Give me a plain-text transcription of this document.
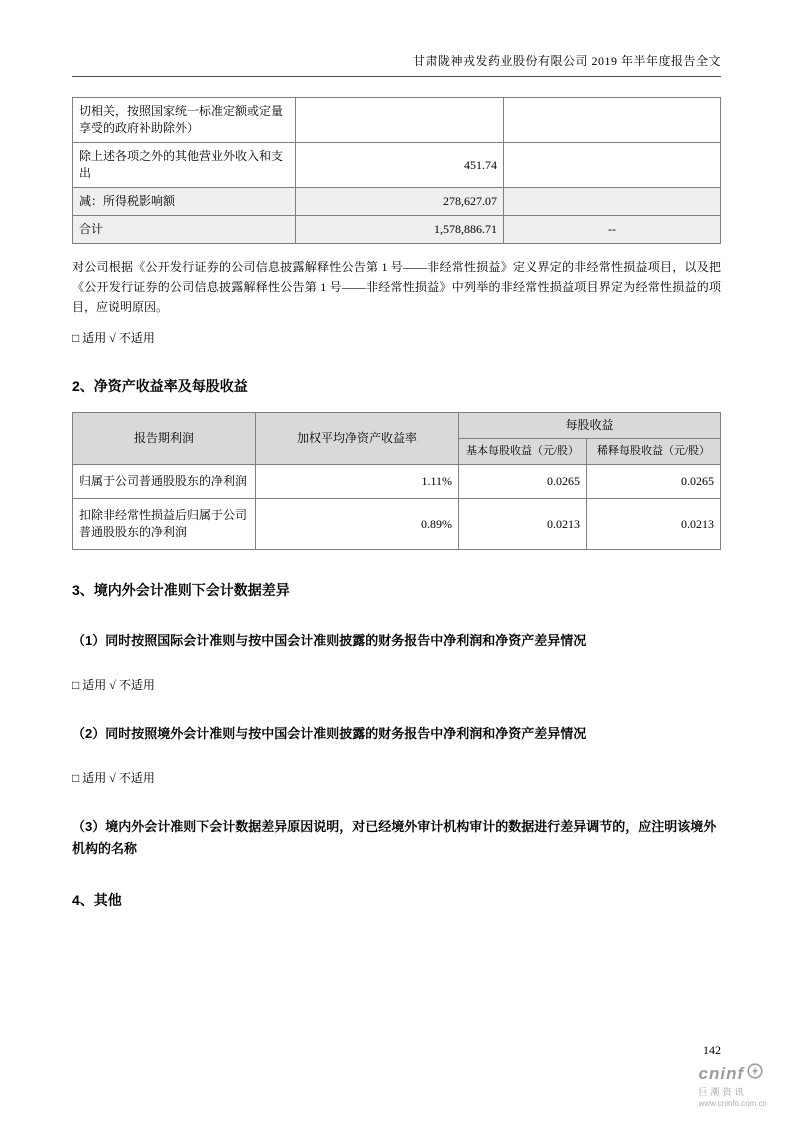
甘肃陇神戎发药业股份有限公司 2019 年半年度报告全文
切相关，按照国家统一标准定额或定量享受的政府补助除外）		
除上述各项之外的其他营业外收入和支出	451.74	
减：所得税影响额	278,627.07	
合计	1,578,886.71	--

对公司根据《公开发行证券的公司信息披露解释性公告第 1 号——非经常性损益》定义界定的非经常性损益项目，以及把《公开发行证券的公司信息披露解释性公告第 1 号——非经常性损益》中列举的非经常性损益项目界定为经常性损益的项目，应说明原因。

□ 适用 √ 不适用
2、净资产收益率及每股收益
报告期利润	加权平均净资产收益率	每股收益	
		基本每股收益（元/股）	稀释每股收益（元/股）
归属于公司普通股股东的净利润	1.11%	0.0265	0.0265
扣除非经常性损益后归属于公司普通股股东的净利润	0.89%	0.0213	0.0213
3、境内外会计准则下会计数据差异
（1）同时按照国际会计准则与按中国会计准则披露的财务报告中净利润和净资产差异情况
□ 适用 √ 不适用
（2）同时按照境外会计准则与按中国会计准则披露的财务报告中净利润和净资产差异情况
□ 适用 √ 不适用
（3）境内外会计准则下会计数据差异原因说明，对已经境外审计机构审计的数据进行差异调节的，应注明该境外机构的名称
4、其他
142
cninf
巨潮资讯
www.cninfo.com.cn
